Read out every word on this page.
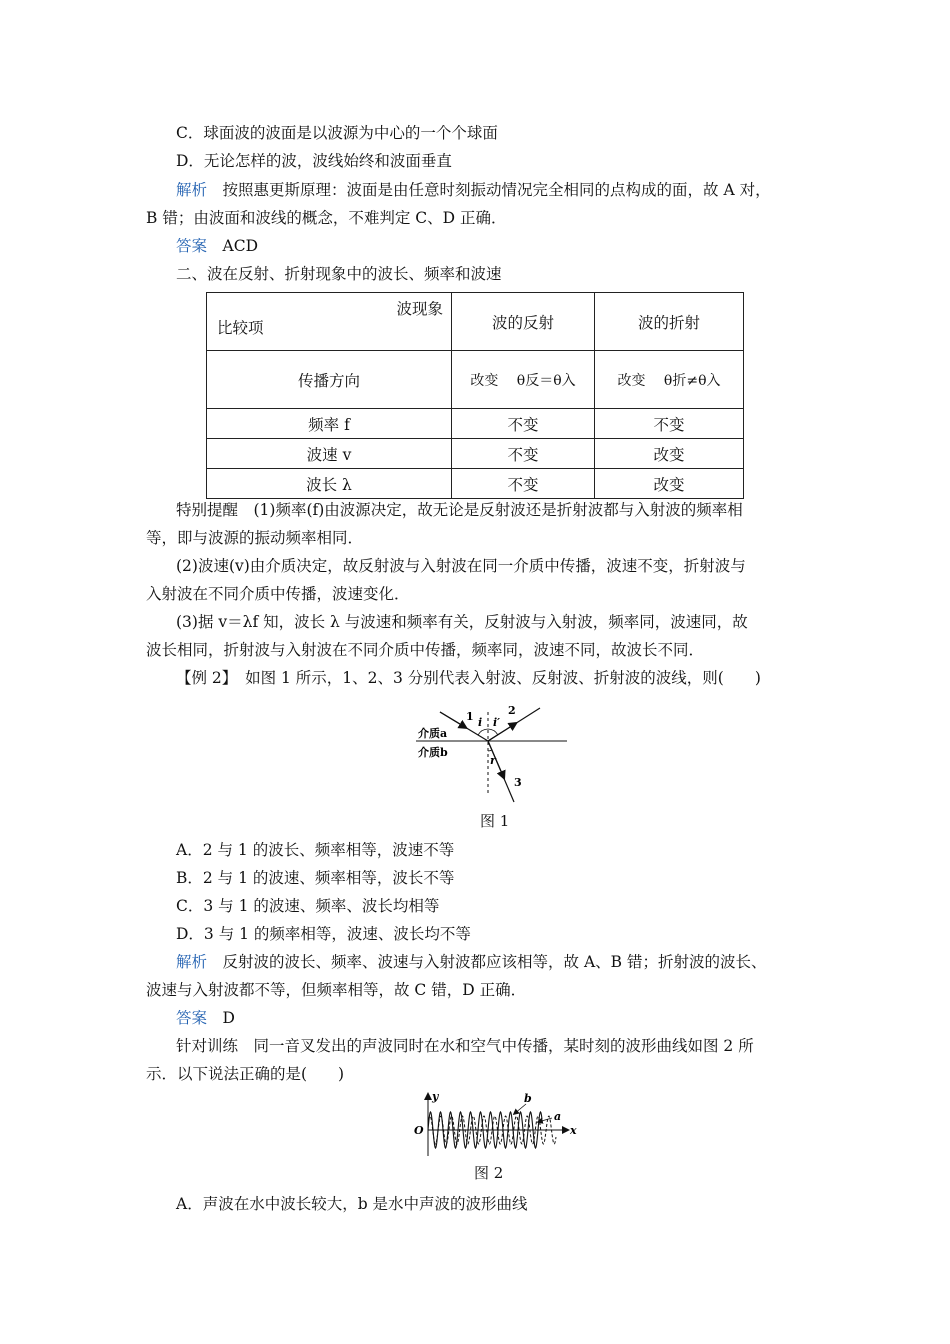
C．球面波的波面是以波源为中心的一个个球面
D．无论怎样的波，波线始终和波面垂直
解析　 按照惠更斯原理：波面是由任意时刻振动情况完全相同的点构成的面，故 A 对，
B 错；由波面和波线的概念，不难判定 C、D 正确．
答案　 ACD
二、波在反射、折射现象中的波长、频率和波速
波现象
比较项	波的反射	波的折射
传播方向	改变　 θ反＝θ入	改变　 θ折≠θ入
频率 f	不变	不变
波速 v	不变	改变
波长 λ	不变	改变
特别提醒　(1)频率(f)由波源决定，故无论是反射波还是折射波都与入射波的频率相
等，即与波源的振动频率相同．
(2)波速(v)由介质决定，故反射波与入射波在同一介质中传播，波速不变，折射波与
入射波在不同介质中传播，波速变化．
(3)据 v＝λf 知，波长 λ 与波速和频率有关，反射波与入射波，频率同，波速同，故
波长相同，折射波与入射波在不同介质中传播，频率同，波速不同，故波长不同．
【例 2】　 如图 1 所示，1、2、3 分别代表入射波、反射波、折射波的波线，则(　　)
1	2
3
i i′
r
介质a
介质b
图 1
A．2 与 1 的波长、频率相等，波速不等
B．2 与 1 的波速、频率相等，波长不等
C．3 与 1 的波速、频率、波长均相等
D．3 与 1 的频率相等，波速、波长均不等
解析　 反射波的波长、频率、波速与入射波都应该相等，故 A、B 错；折射波的波长、
波速与入射波都不等，但频率相等，故 C 错，D 正确．
答案　 D
针对训练　同一音叉发出的声波同时在水和空气中传播，某时刻的波形曲线如图 2 所
示．以下说法正确的是(　　)
y
x
O
b
a
图 2
A．声波在水中波长较大，b 是水中声波的波形曲线
